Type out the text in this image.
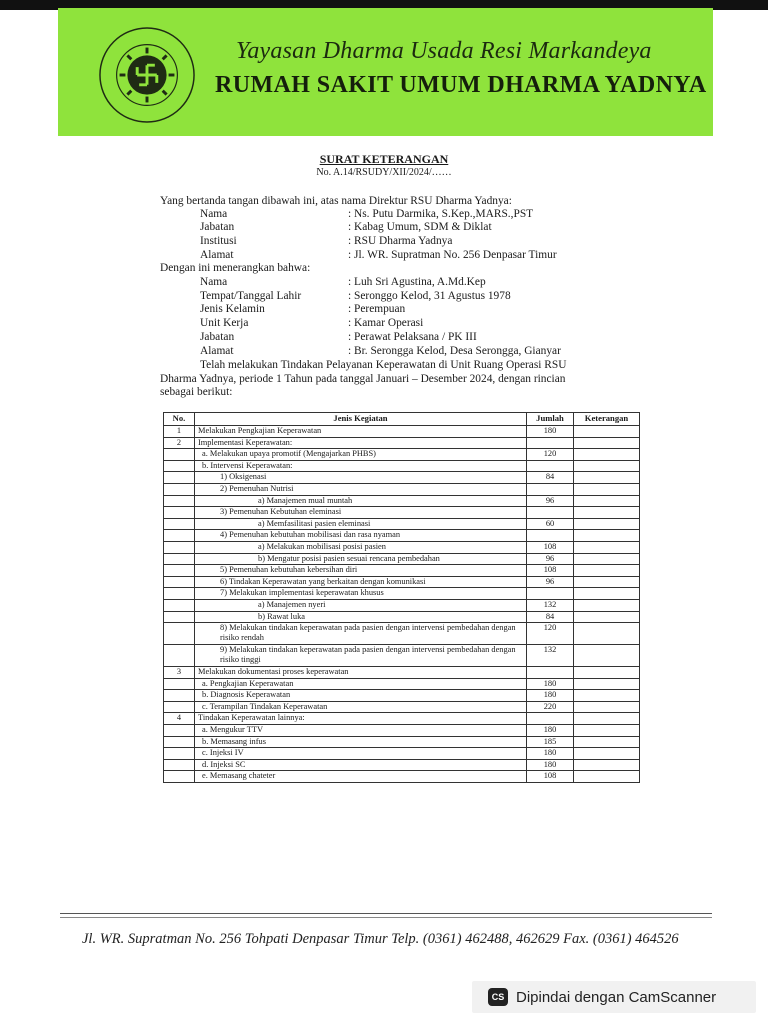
Yayasan Dharma Usada Resi Markandeya
RUMAH SAKIT UMUM DHARMA YADNYA
SURAT KETERANGAN
No. A.14/RSUDY/XII/2024/……
Yang bertanda tangan dibawah ini, atas nama Direktur RSU Dharma Yadnya:
Nama	: Ns. Putu Darmika, S.Kep.,MARS.,PST
Jabatan	: Kabag Umum, SDM & Diklat
Institusi	: RSU Dharma Yadnya
Alamat	: Jl. WR. Supratman No. 256 Denpasar Timur
Dengan ini menerangkan bahwa:
Nama	: Luh Sri Agustina, A.Md.Kep
Tempat/Tanggal Lahir	: Seronggo Kelod, 31 Agustus 1978
Jenis Kelamin	: Perempuan
Unit Kerja	: Kamar Operasi
Jabatan	: Perawat Pelaksana / PK III
Alamat	: Br. Serongga Kelod, Desa Serongga, Gianyar
Telah melakukan Tindakan Pelayanan Keperawatan di Unit Ruang Operasi RSU
Dharma Yadnya, periode 1 Tahun pada tanggal Januari – Desember 2024, dengan rincian
sebagai berikut:
No.	Jenis Kegiatan	Jumlah	Keterangan
1	Melakukan Pengkajian Keperawatan	180	
2	Implementasi Keperawatan:		
	a. Melakukan upaya promotif (Mengajarkan PHBS)	120	
	b. Intervensi Keperawatan:		
	1) Oksigenasi	84	
	2) Pemenuhan Nutrisi		
	a) Manajemen mual muntah	96	
	3) Pemenuhan Kebutuhan eleminasi		
	a) Memfasilitasi pasien eleminasi	60	
	4) Pemenuhan kebutuhan mobilisasi dan rasa nyaman		
	a) Melakukan mobilisasi posisi pasien	108	
	b) Mengatur posisi pasien sesuai rencana pembedahan	96	
	5) Pemenuhan kebutuhan kebersihan diri	108	
	6) Tindakan Keperawatan yang berkaitan dengan komunikasi	96	
	7) Melakukan implementasi keperawatan khusus		
	a) Manajemen nyeri	132	
	b) Rawat luka	84	
	8) Melakukan tindakan keperawatan pada pasien dengan intervensi pembedahan dengan risiko rendah	120	
	9) Melakukan tindakan keperawatan pada pasien dengan intervensi pembedahan dengan risiko tinggi	132	
3	Melakukan dokumentasi proses keperawatan		
	a. Pengkajian Keperawatan	180	
	b. Diagnosis Keperawatan	180	
	c. Terampilan Tindakan Keperawatan	220	
4	Tindakan Keperawatan lainnya:		
	a. Mengukur TTV	180	
	b. Memasang infus	185	
	c. Injeksi IV	180	
	d. Injeksi SC	180	
	e. Memasang chateter	108	
Jl. WR. Supratman No. 256 Tohpati Denpasar Timur Telp. (0361) 462488, 462629 Fax. (0361) 464526
CS Dipindai dengan CamScanner
